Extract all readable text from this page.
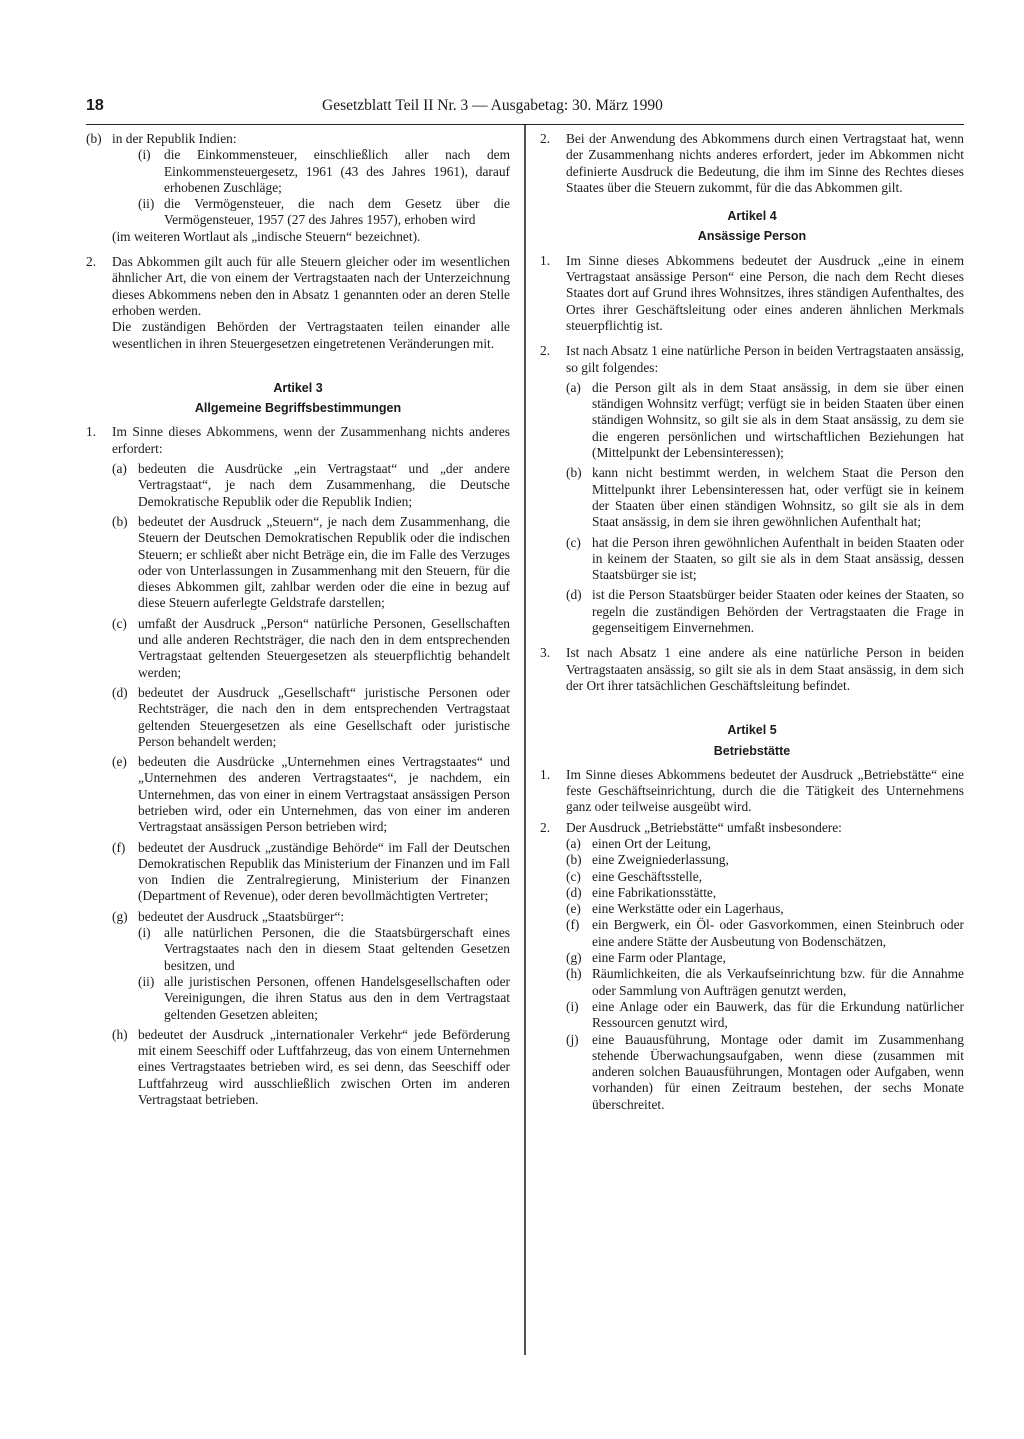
18	Gesetzblatt Teil II Nr. 3 — Ausgabetag: 30. März 1990
(b) in der Republik Indien:
(i) die Einkommensteuer, einschließlich aller nach dem Einkommensteuergesetz, 1961 (43 des Jahres 1961), darauf erhobenen Zuschläge;
(ii) die Vermögensteuer, die nach dem Gesetz über die Vermögensteuer, 1957 (27 des Jahres 1957), erhoben wird
(im weiteren Wortlaut als „indische Steuern“ bezeichnet).
2. Das Abkommen gilt auch für alle Steuern gleicher oder im wesentlichen ähnlicher Art, die von einem der Vertragstaaten nach der Unterzeichnung dieses Abkommens neben den in Absatz 1 genannten oder an deren Stelle erhoben werden.
Die zuständigen Behörden der Vertragstaaten teilen einander alle wesentlichen in ihren Steuergesetzen eingetretenen Veränderungen mit.
Artikel 3
Allgemeine Begriffsbestimmungen
1. Im Sinne dieses Abkommens, wenn der Zusammenhang nichts anderes erfordert:
(a) bedeuten die Ausdrücke „ein Vertragstaat“ und „der andere Vertragstaat“, je nach dem Zusammenhang, die Deutsche Demokratische Republik oder die Republik Indien;
(b) bedeutet der Ausdruck „Steuern“, je nach dem Zusammenhang, die Steuern der Deutschen Demokratischen Republik oder die indischen Steuern; er schließt aber nicht Beträge ein, die im Falle des Verzuges oder von Unterlassungen in Zusammenhang mit den Steuern, für die dieses Abkommen gilt, zahlbar werden oder die eine in bezug auf diese Steuern auferlegte Geldstrafe darstellen;
(c) umfaßt der Ausdruck „Person“ natürliche Personen, Gesellschaften und alle anderen Rechtsträger, die nach den in dem entsprechenden Vertragstaat geltenden Steuergesetzen als steuerpflichtig behandelt werden;
(d) bedeutet der Ausdruck „Gesellschaft“ juristische Personen oder Rechtsträger, die nach den in dem entsprechenden Vertragstaat geltenden Steuergesetzen als eine Gesellschaft oder juristische Person behandelt werden;
(e) bedeuten die Ausdrücke „Unternehmen eines Vertragstaates“ und „Unternehmen des anderen Vertragstaates“, je nachdem, ein Unternehmen, das von einer in einem Vertragstaat ansässigen Person betrieben wird, oder ein Unternehmen, das von einer im anderen Vertragstaat ansässigen Person betrieben wird;
(f) bedeutet der Ausdruck „zuständige Behörde“ im Fall der Deutschen Demokratischen Republik das Ministerium der Finanzen und im Fall von Indien die Zentralregierung, Ministerium der Finanzen (Department of Revenue), oder deren bevollmächtigten Vertreter;
(g) bedeutet der Ausdruck „Staatsbürger“:
(i) alle natürlichen Personen, die die Staatsbürgerschaft eines Vertragstaates nach den in diesem Staat geltenden Gesetzen besitzen, und
(ii) alle juristischen Personen, offenen Handelsgesellschaften oder Vereinigungen, die ihren Status aus den in dem Vertragstaat geltenden Gesetzen ableiten;
(h) bedeutet der Ausdruck „internationaler Verkehr“ jede Beförderung mit einem Seeschiff oder Luftfahrzeug, das von einem Unternehmen eines Vertragstaates betrieben wird, es sei denn, das Seeschiff oder Luftfahrzeug wird ausschließlich zwischen Orten im anderen Vertragstaat betrieben.
2. Bei der Anwendung des Abkommens durch einen Vertragstaat hat, wenn der Zusammenhang nichts anderes erfordert, jeder im Abkommen nicht definierte Ausdruck die Bedeutung, die ihm im Sinne des Rechtes dieses Staates über die Steuern zukommt, für die das Abkommen gilt.
Artikel 4
Ansässige Person
1. Im Sinne dieses Abkommens bedeutet der Ausdruck „eine in einem Vertragstaat ansässige Person“ eine Person, die nach dem Recht dieses Staates dort auf Grund ihres Wohnsitzes, ihres ständigen Aufenthaltes, des Ortes ihrer Geschäftsleitung oder eines anderen ähnlichen Merkmals steuerpflichtig ist.
2. Ist nach Absatz 1 eine natürliche Person in beiden Vertragstaaten ansässig, so gilt folgendes:
(a) die Person gilt als in dem Staat ansässig, in dem sie über einen ständigen Wohnsitz verfügt; verfügt sie in beiden Staaten über einen ständigen Wohnsitz, so gilt sie als in dem Staat ansässig, zu dem sie die engeren persönlichen und wirtschaftlichen Beziehungen hat (Mittelpunkt der Lebensinteressen);
(b) kann nicht bestimmt werden, in welchem Staat die Person den Mittelpunkt ihrer Lebensinteressen hat, oder verfügt sie in keinem der Staaten über einen ständigen Wohnsitz, so gilt sie als in dem Staat ansässig, in dem sie ihren gewöhnlichen Aufenthalt hat;
(c) hat die Person ihren gewöhnlichen Aufenthalt in beiden Staaten oder in keinem der Staaten, so gilt sie als in dem Staat ansässig, dessen Staatsbürger sie ist;
(d) ist die Person Staatsbürger beider Staaten oder keines der Staaten, so regeln die zuständigen Behörden der Vertragstaaten die Frage in gegenseitigem Einvernehmen.
3. Ist nach Absatz 1 eine andere als eine natürliche Person in beiden Vertragstaaten ansässig, so gilt sie als in dem Staat ansässig, in dem sich der Ort ihrer tatsächlichen Geschäftsleitung befindet.
Artikel 5
Betriebstätte
1. Im Sinne dieses Abkommens bedeutet der Ausdruck „Betriebstätte“ eine feste Geschäftseinrichtung, durch die die Tätigkeit des Unternehmens ganz oder teilweise ausgeübt wird.
2. Der Ausdruck „Betriebstätte“ umfaßt insbesondere:
(a) einen Ort der Leitung,
(b) eine Zweigniederlassung,
(c) eine Geschäftsstelle,
(d) eine Fabrikationsstätte,
(e) eine Werkstätte oder ein Lagerhaus,
(f) ein Bergwerk, ein Öl- oder Gasvorkommen, einen Steinbruch oder eine andere Stätte der Ausbeutung von Bodenschätzen,
(g) eine Farm oder Plantage,
(h) Räumlichkeiten, die als Verkaufseinrichtung bzw. für die Annahme oder Sammlung von Aufträgen genutzt werden,
(i) eine Anlage oder ein Bauwerk, das für die Erkundung natürlicher Ressourcen genutzt wird,
(j) eine Bauausführung, Montage oder damit im Zusammenhang stehende Überwachungsaufgaben, wenn diese (zusammen mit anderen solchen Bauausführungen, Montagen oder Aufgaben, wenn vorhanden) für einen Zeitraum bestehen, der sechs Monate überschreitet.
